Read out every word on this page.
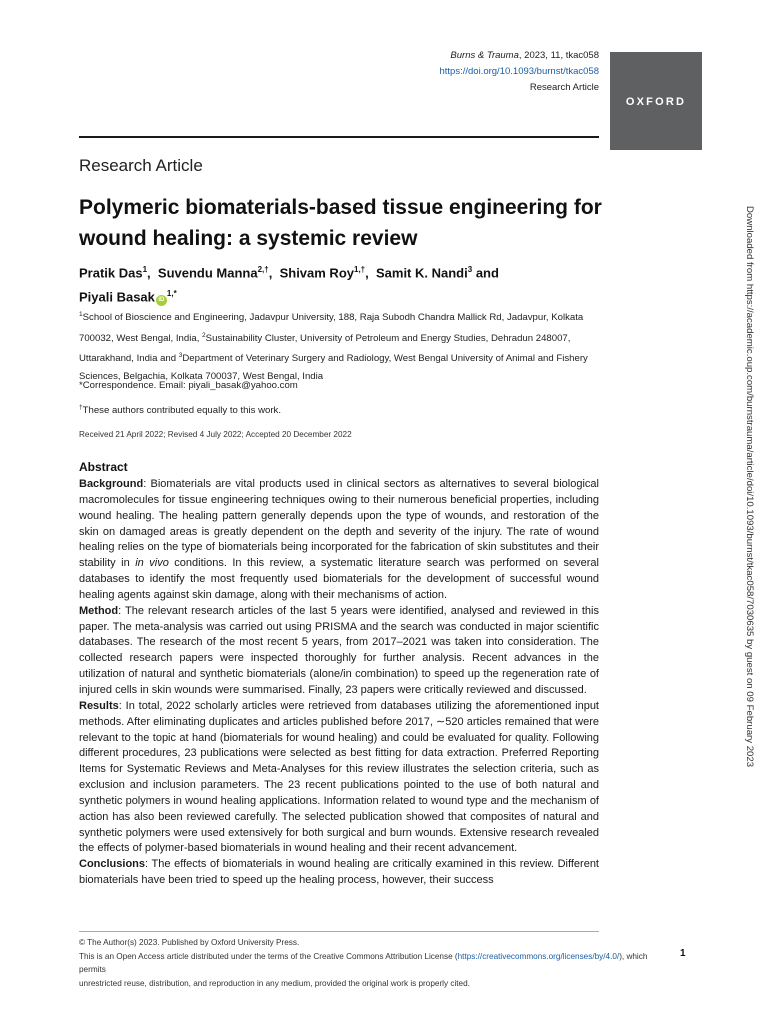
Burns & Trauma, 2023, 11, tkac058
https://doi.org/10.1093/burnst/tkac058
Research Article
OXFORD
Research Article
Polymeric biomaterials-based tissue engineering for wound healing: a systemic review
Pratik Das$^1$, Suvendu Manna$^{2,\dagger}$, Shivam Roy$^{1,\dagger}$, Samit K. Nandi$^3$ and
Piyali Basak $iD^{1,*}$
$^1$School of Bioscience and Engineering, Jadavpur University, 188, Raja Subodh Chandra Mallick Rd, Jadavpur, Kolkata 700032, West Bengal, India, $^2$Sustainability Cluster, University of Petroleum and Energy Studies, Dehradun 248007, Uttarakhand, India and $^3$Department of Veterinary Surgery and Radiology, West Bengal University of Animal and Fishery Sciences, Belgachia, Kolkata 700037, West Bengal, India
*Correspondence. Email: piyali_basak@yahoo.com
†These authors contributed equally to this work.
Received 21 April 2022; Revised 4 July 2022; Accepted 20 December 2022
Abstract

Background: Biomaterials are vital products used in clinical sectors as alternatives to several biological macromolecules for tissue engineering techniques owing to their numerous beneficial properties, including wound healing. The healing pattern generally depends upon the type of wounds, and restoration of the skin on damaged areas is greatly dependent on the depth and severity of the injury. The rate of wound healing relies on the type of biomaterials being incorporated for the fabrication of skin substitutes and their stability in in vivo conditions. In this review, a systematic literature search was performed on several databases to identify the most frequently used biomaterials for the development of successful wound healing agents against skin damage, along with their mechanisms of action.

Method: The relevant research articles of the last 5 years were identified, analysed and reviewed in this paper. The meta-analysis was carried out using PRISMA and the search was conducted in major scientific databases. The research of the most recent 5 years, from 2017–2021 was taken into consideration. The collected research papers were inspected thoroughly for further analysis. Recent advances in the utilization of natural and synthetic biomaterials (alone/in combination) to speed up the regeneration rate of injured cells in skin wounds were summarised. Finally, 23 papers were critically reviewed and discussed.

Results: In total, 2022 scholarly articles were retrieved from databases utilizing the aforementioned input methods. After eliminating duplicates and articles published before 2017, ∼520 articles remained that were relevant to the topic at hand (biomaterials for wound healing) and could be evaluated for quality. Following different procedures, 23 publications were selected as best fitting for data extraction. Preferred Reporting Items for Systematic Reviews and Meta-Analyses for this review illustrates the selection criteria, such as exclusion and inclusion parameters. The 23 recent publications pointed to the use of both natural and synthetic polymers in wound healing applications. Information related to wound type and the mechanism of action has also been reviewed carefully. The selected publication showed that composites of natural and synthetic polymers were used extensively for both surgical and burn wounds. Extensive research revealed the effects of polymer-based biomaterials in wound healing and their recent advancement.

Conclusions: The effects of biomaterials in wound healing are critically examined in this review. Different biomaterials have been tried to speed up the healing process, however, their success

© The Author(s) 2023. Published by Oxford University Press.
This is an Open Access article distributed under the terms of the Creative Commons Attribution License (https://creativecommons.org/licenses/by/4.0/), which permits
unrestricted reuse, distribution, and reproduction in any medium, provided the original work is properly cited.
1
Downloaded from https://academic.oup.com/burnstrauma/article/doi/10.1093/burnst/tkac058/7030635 by guest on 09 February 2023
